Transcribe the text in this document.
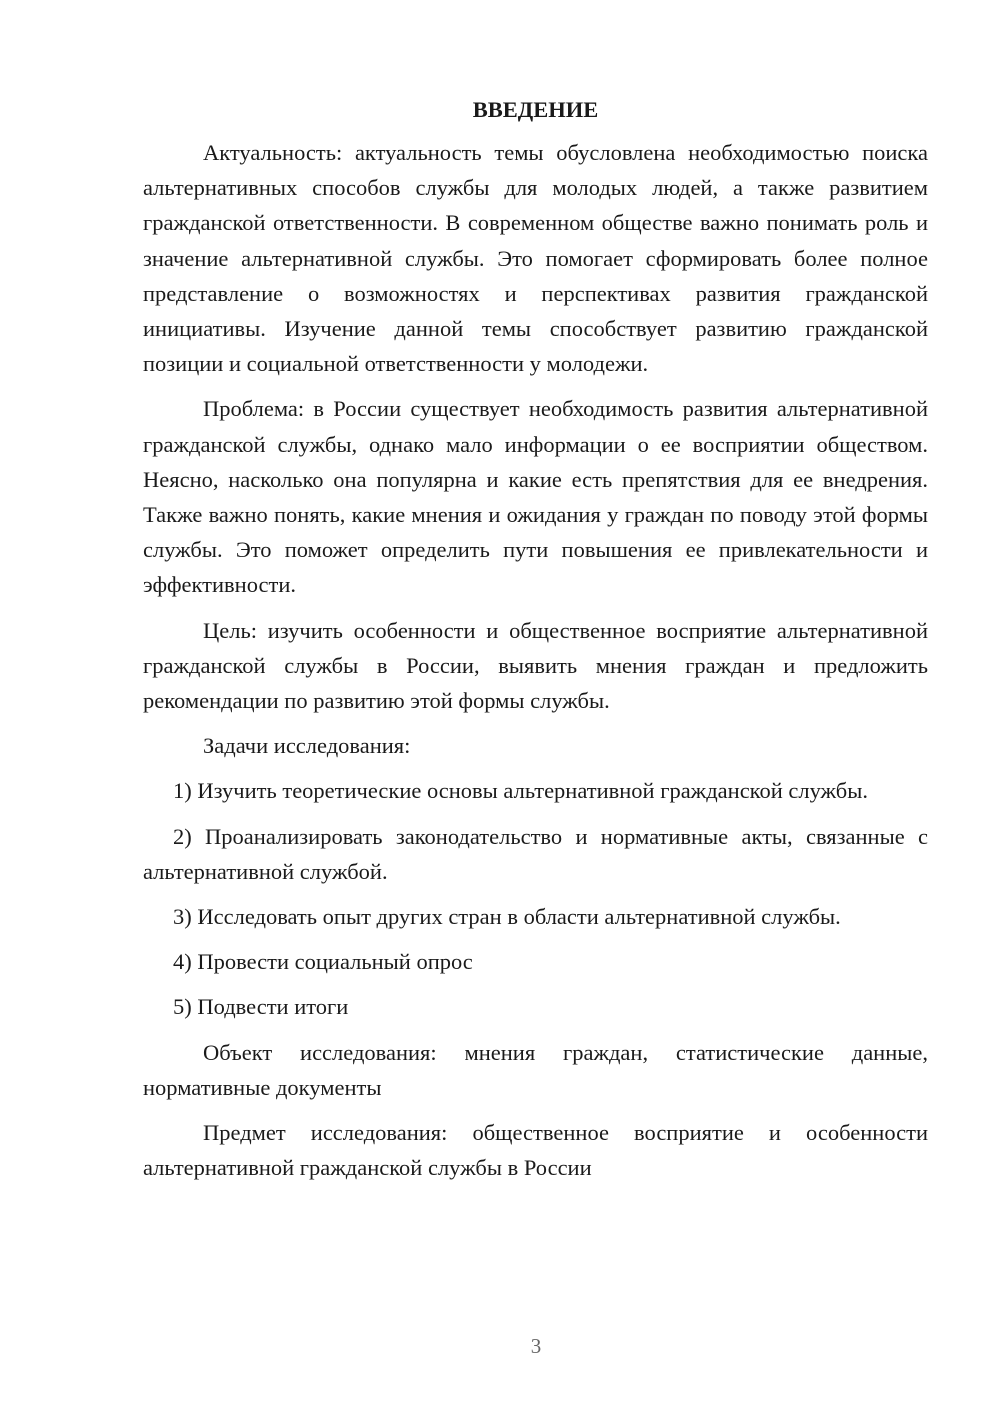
ВВЕДЕНИЕ

Актуальность: актуальность темы обусловлена необходимостью поиска альтернативных способов службы для молодых людей, а также развитием гражданской ответственности. В современном обществе важно понимать роль и значение альтернативной службы. Это помогает сформировать более полное представление о возможностях и перспективах развития гражданской инициативы. Изучение данной темы способствует развитию гражданской позиции и социальной ответственности у молодежи.

Проблема: в России существует необходимость развития альтернативной гражданской службы, однако мало информации о ее восприятии обществом. Неясно, насколько она популярна и какие есть препятствия для ее внедрения. Также важно понять, какие мнения и ожидания у граждан по поводу этой формы службы. Это поможет определить пути повышения ее привлекательности и эффективности.

Цель: изучить особенности и общественное восприятие альтернативной гражданской службы в России, выявить мнения граждан и предложить рекомендации по развитию этой формы службы.

Задачи исследования:

1) Изучить теоретические основы альтернативной гражданской службы.

2) Проанализировать законодательство и нормативные акты, связанные с альтернативной службой.

3) Исследовать опыт других стран в области альтернативной службы.

4) Провести социальный опрос

5) Подвести итоги

Объект исследования: мнения граждан, статистические данные, нормативные документы

Предмет исследования: общественное восприятие и особенности альтернативной гражданской службы в России

3
